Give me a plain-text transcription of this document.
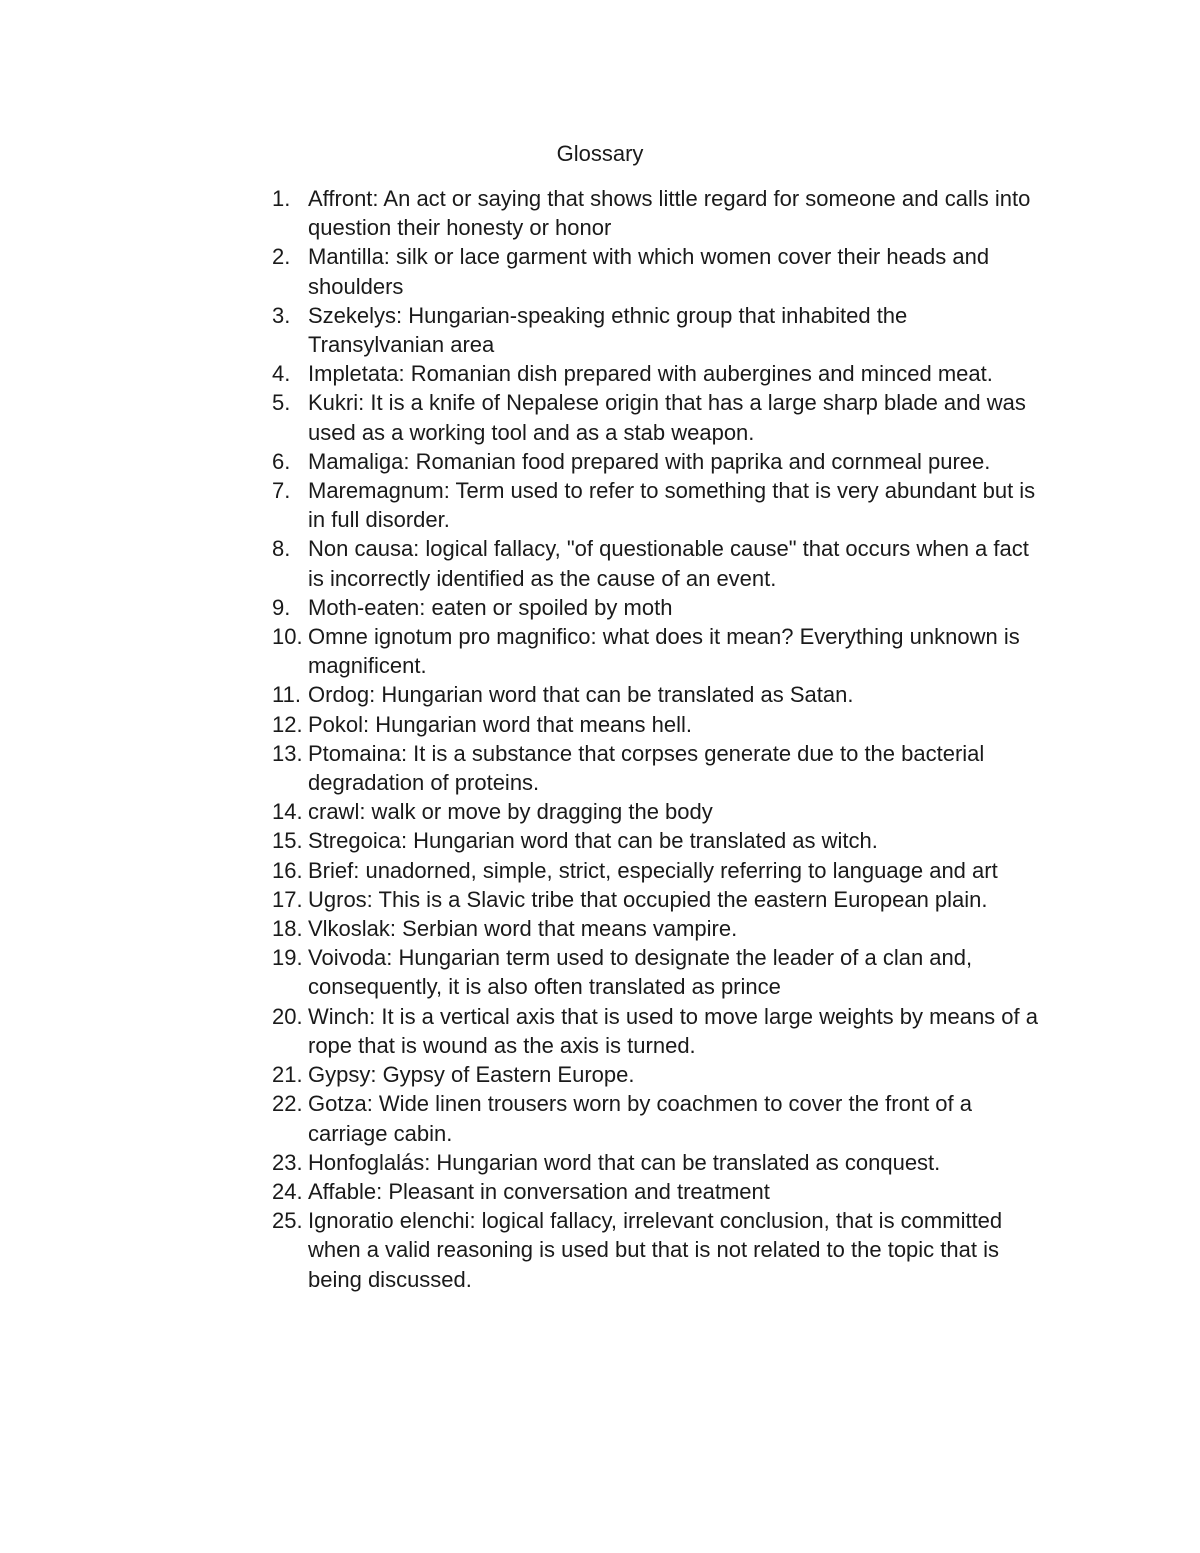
Glossary
1. Affront: An act or saying that shows little regard for someone and calls into question their honesty or honor
2. Mantilla: silk or lace garment with which women cover their heads and shoulders
3. Szekelys: Hungarian-speaking ethnic group that inhabited the Transylvanian area
4. Impletata: Romanian dish prepared with aubergines and minced meat.
5. Kukri: It is a knife of Nepalese origin that has a large sharp blade and was used as a working tool and as a stab weapon.
6. Mamaliga: Romanian food prepared with paprika and cornmeal puree.
7. Maremagnum: Term used to refer to something that is very abundant but is in full disorder.
8. Non causa: logical fallacy, "of questionable cause" that occurs when a fact is incorrectly identified as the cause of an event.
9. Moth-eaten: eaten or spoiled by moth
10. Omne ignotum pro magnifico: what does it mean? Everything unknown is magnificent.
11. Ordog: Hungarian word that can be translated as Satan.
12. Pokol: Hungarian word that means hell.
13. Ptomaina: It is a substance that corpses generate due to the bacterial degradation of proteins.
14. crawl: walk or move by dragging the body
15. Stregoica: Hungarian word that can be translated as witch.
16. Brief: unadorned, simple, strict, especially referring to language and art
17. Ugros: This is a Slavic tribe that occupied the eastern European plain.
18. Vlkoslak: Serbian word that means vampire.
19. Voivoda: Hungarian term used to designate the leader of a clan and, consequently, it is also often translated as prince
20. Winch: It is a vertical axis that is used to move large weights by means of a rope that is wound as the axis is turned.
21. Gypsy: Gypsy of Eastern Europe.
22. Gotza: Wide linen trousers worn by coachmen to cover the front of a carriage cabin.
23. Honfoglalás: Hungarian word that can be translated as conquest.
24. Affable: Pleasant in conversation and treatment
25. Ignoratio elenchi: logical fallacy, irrelevant conclusion, that is committed when a valid reasoning is used but that is not related to the topic that is being discussed.
